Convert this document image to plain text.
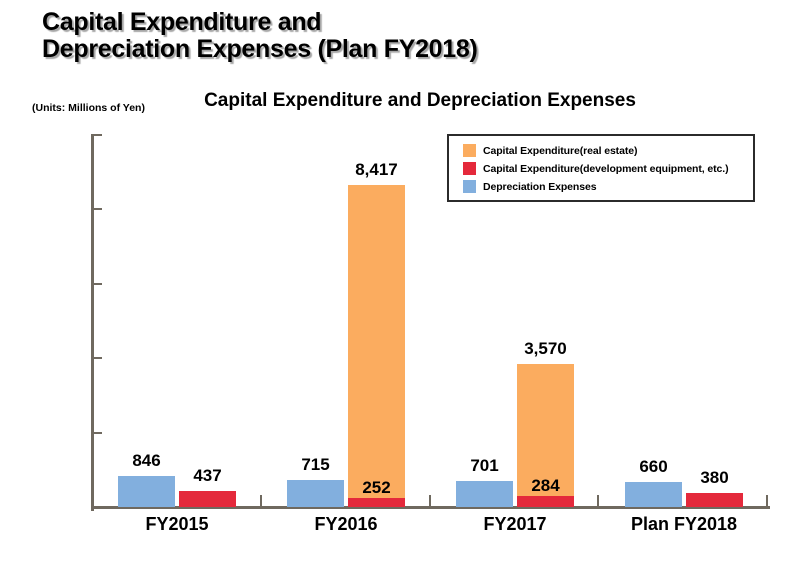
Capital Expenditure and
Depreciation Expenses (Plan FY2018)
(Units: Millions of Yen)	Capital Expenditure and Depreciation Expenses
Capital Expenditure(real estate)
Capital Expenditure(development equipment, etc.)
Depreciation Expenses
846
437
FY2015
715
8,417
252
FY2016
701
3,570
284
FY2017
660
380
Plan FY2018
